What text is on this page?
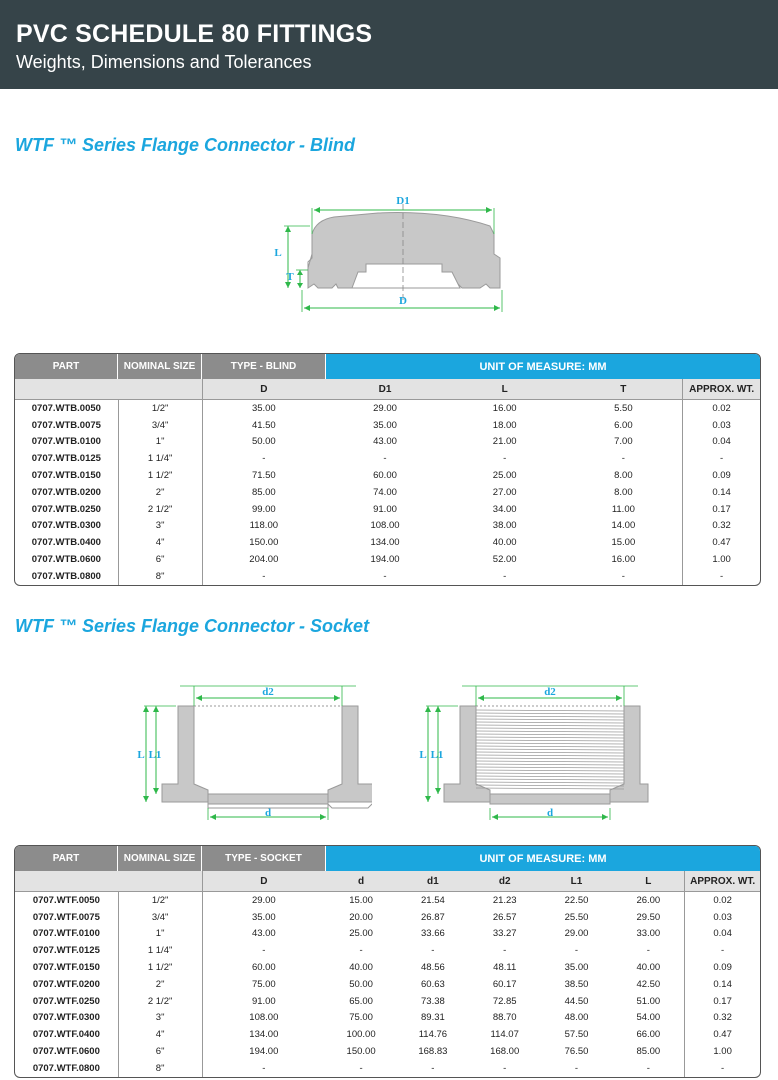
PVC SCHEDULE 80 FITTINGS
Weights, Dimensions and Tolerances
WTF ™ Series Flange Connector - Blind
D1
D
L
T
PART	NOMINAL SIZE	TYPE - BLIND	UNIT OF MEASURE: MM
D	D1	L	T	APPROX. WT.
0707.WTB.0050	1/2"	35.00	29.00	16.00	5.50	0.02
0707.WTB.0075	3/4"	41.50	35.00	18.00	6.00	0.03
0707.WTB.0100	1"	50.00	43.00	21.00	7.00	0.04
0707.WTB.0125	1 1/4"	-	-	-	-	-
0707.WTB.0150	1 1/2"	71.50	60.00	25.00	8.00	0.09
0707.WTB.0200	2"	85.00	74.00	27.00	8.00	0.14
0707.WTB.0250	2 1/2"	99.00	91.00	34.00	11.00	0.17
0707.WTB.0300	3"	118.00	108.00	38.00	14.00	0.32
0707.WTB.0400	4"	150.00	134.00	40.00	15.00	0.47
0707.WTB.0600	6"	204.00	194.00	52.00	16.00	1.00
0707.WTB.0800	8"	-	-	-	-	-
WTF ™ Series Flange Connector - Socket
d2
d
L L1
d2
d
L L1
PART	NOMINAL SIZE	TYPE - SOCKET	UNIT OF MEASURE: MM
D	d	d1	d2	L1	L	APPROX. WT.
0707.WTF.0050	1/2"	29.00	15.00	21.54	21.23	22.50	26.00	0.02
0707.WTF.0075	3/4"	35.00	20.00	26.87	26.57	25.50	29.50	0.03
0707.WTF.0100	1"	43.00	25.00	33.66	33.27	29.00	33.00	0.04
0707.WTF.0125	1 1/4"	-	-	-	-	-	-	-
0707.WTF.0150	1 1/2"	60.00	40.00	48.56	48.11	35.00	40.00	0.09
0707.WTF.0200	2"	75.00	50.00	60.63	60.17	38.50	42.50	0.14
0707.WTF.0250	2 1/2"	91.00	65.00	73.38	72.85	44.50	51.00	0.17
0707.WTF.0300	3"	108.00	75.00	89.31	88.70	48.00	54.00	0.32
0707.WTF.0400	4"	134.00	100.00	114.76	114.07	57.50	66.00	0.47
0707.WTF.0600	6"	194.00	150.00	168.83	168.00	76.50	85.00	1.00
0707.WTF.0800	8"	-	-	-	-	-	-	-
